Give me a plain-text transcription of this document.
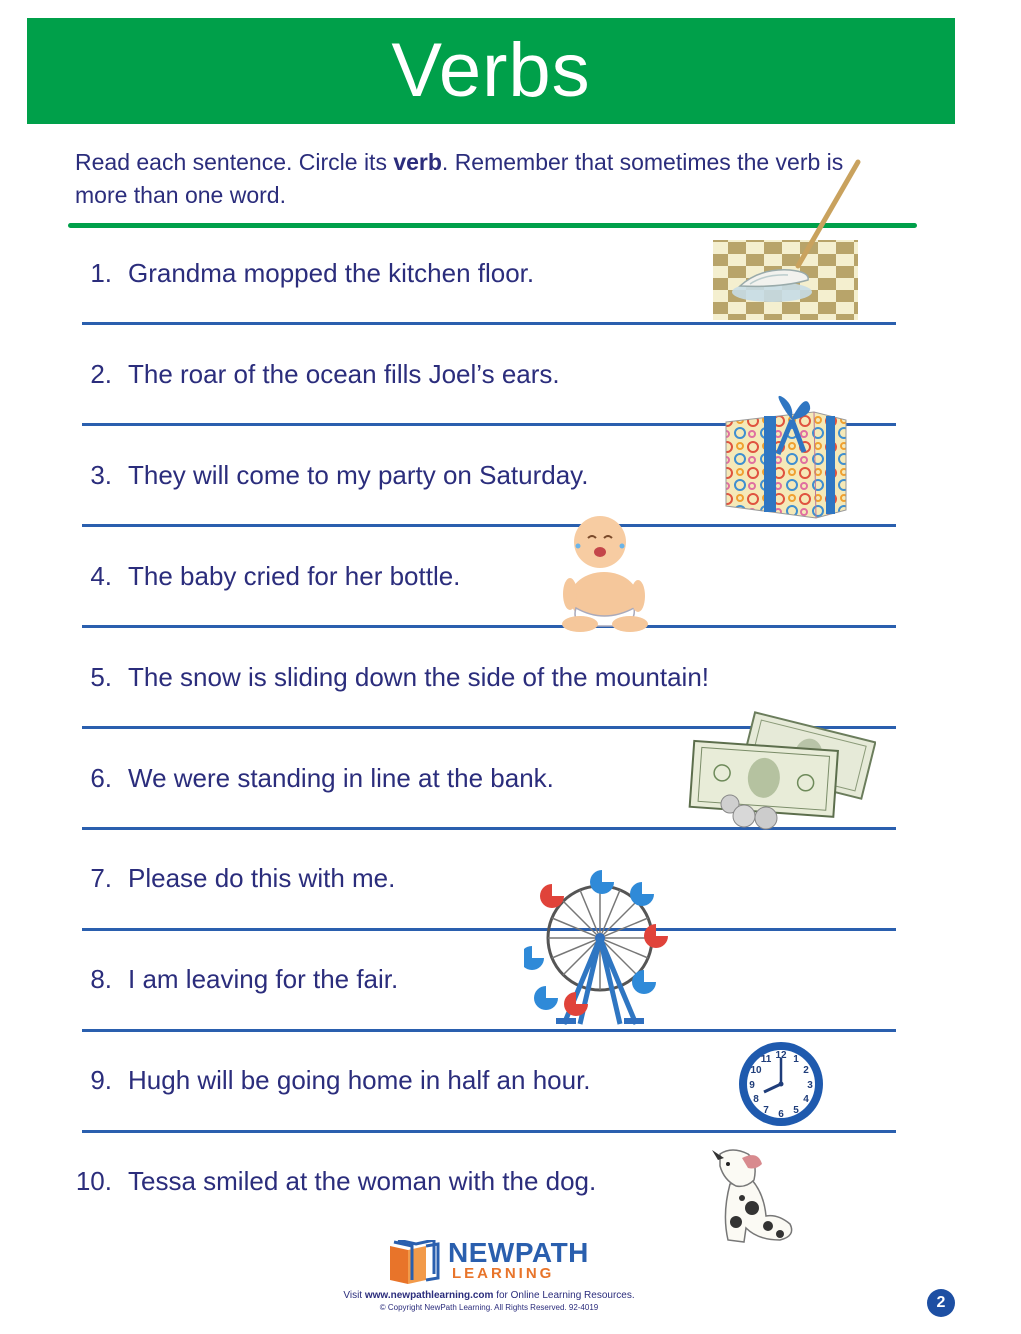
Verbs
Read each sentence. Circle its verb. Remember that sometimes the verb is more than one word.
1. Grandma mopped the kitchen floor.
2. The roar of the ocean fills Joel’s ears.
3. They will come to my party on Saturday.
4. The baby cried for her bottle.
5. The snow is sliding down the side of the mountain!
6. We were standing in line at the bank.
7. Please do this with me.
8. I am leaving for the fair.
9. Hugh will be going home in half an hour.
10. Tessa smiled at the woman with the dog.
12 1
2
3
4
5
6
7
8
9
10
11
NEWPATH
LEARNING
Visit www.newpathlearning.com for Online Learning Resources.
© Copyright NewPath Learning. All Rights Reserved. 92-4019	2
